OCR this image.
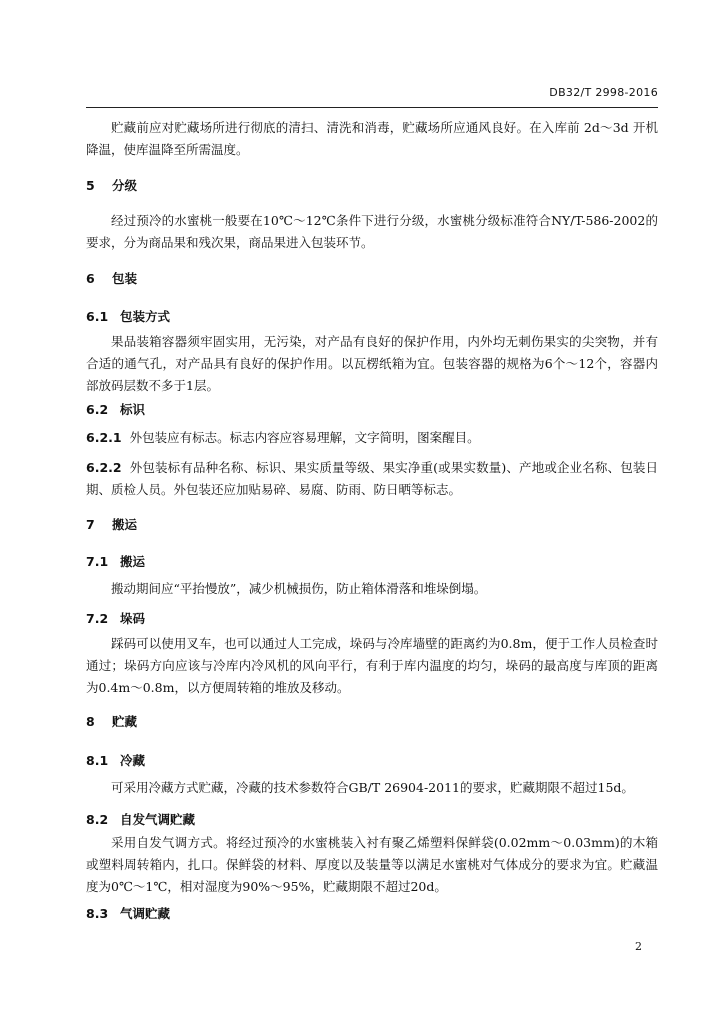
DB32/T 2998-2016

贮藏前应对贮藏场所进行彻底的清扫、清洗和消毒，贮藏场所应通风良好。在入库前 2d～3d 开机降温，使库温降至所需温度。

5 分级

经过预冷的水蜜桃一般要在10℃～12℃条件下进行分级，水蜜桃分级标准符合NY/T-586-2002的要求，分为商品果和残次果，商品果进入包装环节。

6 包装
6.1 包装方式

果品装箱容器须牢固实用，无污染，对产品有良好的保护作用，内外均无刺伤果实的尖突物，并有合适的通气孔，对产品具有良好的保护作用。以瓦楞纸箱为宜。包装容器的规格为6个～12个，容器内部放码层数不多于1层。

6.2 标识

6.2.1 外包装应有标志。标志内容应容易理解，文字简明，图案醒目。

6.2.2 外包装标有品种名称、标识、果实质量等级、果实净重(或果实数量)、产地或企业名称、包装日期、质检人员。外包装还应加贴易碎、易腐、防雨、防日晒等标志。

7 搬运
7.1 搬运

搬动期间应“平抬慢放”，减少机械损伤，防止箱体滑落和堆垛倒塌。

7.2 垛码

踩码可以使用叉车，也可以通过人工完成，垛码与冷库墙壁的距离约为0.8m，便于工作人员检查时通过；垛码方向应该与冷库内冷风机的风向平行，有利于库内温度的均匀，垛码的最高度与库顶的距离为0.4m～0.8m，以方便周转箱的堆放及移动。

8 贮藏
8.1 冷藏

可采用冷藏方式贮藏，冷藏的技术参数符合GB/T 26904-2011的要求，贮藏期限不超过15d。

8.2 自发气调贮藏

采用自发气调方式。将经过预冷的水蜜桃装入衬有聚乙烯塑料保鲜袋(0.02mm～0.03mm)的木箱或塑料周转箱内，扎口。保鲜袋的材料、厚度以及装量等以满足水蜜桃对气体成分的要求为宜。贮藏温度为0℃～1℃，相对湿度为90%～95%，贮藏期限不超过20d。

8.3 气调贮藏
2
